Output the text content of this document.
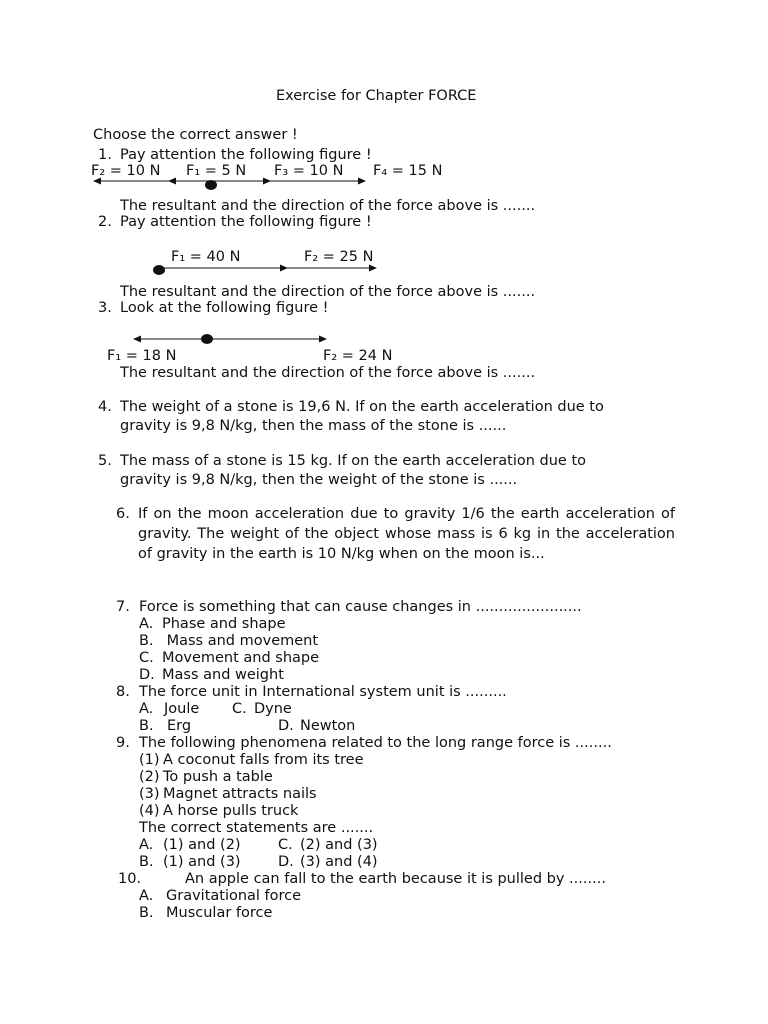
Exercise for Chapter FORCE
Choose the correct answer !
1. Pay attention the following figure !
F₂ = 10 N F₁ = 5 N F₃ = 10 N F₄ = 15 N
The resultant and the direction of the force above is .......
2. Pay attention the following figure !
F₁ = 40 N	F₂ = 25 N
The resultant and the direction of the force above is .......
3. Look at the following figure !
F₁ = 18 N	F₂ = 24 N
The resultant and the direction of the force above is .......
4. The weight of a stone is 19,6 N. If on the earth acceleration due to
gravity is 9,8 N/kg, then the mass of the stone is ......
5. The mass of a stone is 15 kg. If on the earth acceleration due to
gravity is 9,8 N/kg, then the weight of the stone is ......
6. If on the moon acceleration due to gravity 1/6 the earth acceleration of gravity. The weight of the object whose mass is 6 kg in the acceleration of gravity in the earth is 10 N/kg when on the moon is...
7. Force is something that can cause changes in .......................
A. Phase and shape
B. Mass and movement
C. Movement and shape
D. Mass and weight
8. The force unit in International system unit is .........
A. Joule C. Dyne
B. Erg	D. Newton
9. The following phenomena related to the long range force is ........
(1) A coconut falls from its tree
(2) To push a table
(3) Magnet attracts nails
(4) A horse pulls truck
The correct statements are .......
A. (1) and (2)	C. (2) and (3)
B. (1) and (3)	D. (3) and (4)
10.	An apple can fall to the earth because it is pulled by ........
A. Gravitational force
B. Muscular force
